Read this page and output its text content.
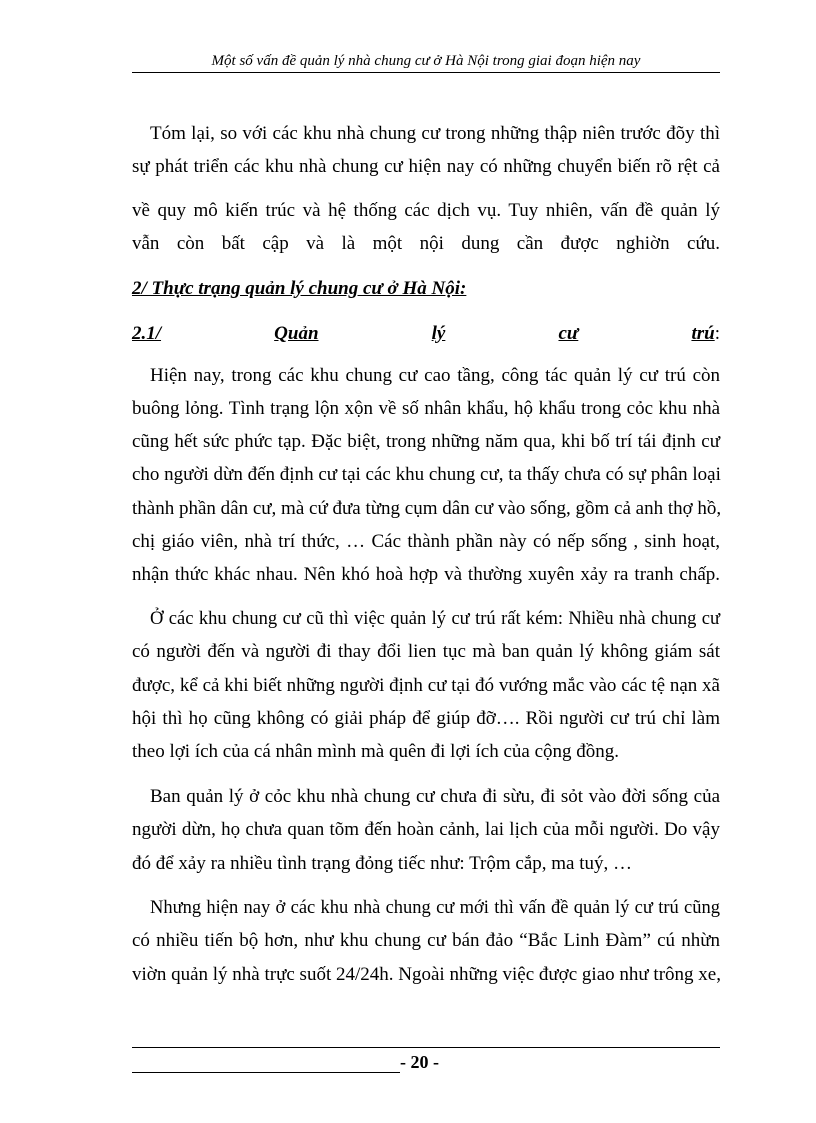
Một số vấn đề quản lý nhà chung cư ở Hà Nội trong giai đoạn hiện nay
Tóm lại, so với các khu nhà chung cư trong những thập niên trước đõy thì
sự phát triển các khu nhà chung cư hiện nay có những chuyển biến rõ rệt cả
về quy mô kiến trúc và hệ thống các dịch vụ. Tuy nhiên, vấn đề quản lý
vẫn còn bất cập và là một nội dung cần được nghiờn cứu.
2/ Thực trạng quản lý chung cư ở Hà Nội:
2.1/	Quản	lý	cư	trú:
Hiện nay, trong các khu chung cư cao tầng, công tác quản lý cư trú còn
buông lỏng. Tình trạng lộn xộn về số nhân khẩu, hộ khẩu trong cỏc khu nhà
cũng hết sức phức tạp. Đặc biệt, trong những năm qua, khi bố trí tái định cư
cho người dừn đến định cư tại các khu chung cư, ta thấy chưa có sự phân loại
thành phần dân cư, mà cứ đưa từng cụm dân cư vào sống, gồm cả anh thợ hồ,
chị giáo viên, nhà trí thức, … Các thành phần này có nếp sống , sinh hoạt,
nhận thức khác nhau. Nên khó hoà hợp và thường xuyên xảy ra tranh chấp.
Ở các khu chung cư cũ thì việc quản lý cư trú rất kém: Nhiều nhà chung cư
có người đến và người đi thay đổi lien tục mà ban quản lý không giám sát
được, kể cả khi biết những người định cư tại đó vướng mắc vào các tệ nạn xã
hội thì họ cũng không có giải pháp để giúp đỡ…. Rồi người cư trú chỉ làm
theo lợi ích của cá nhân mình mà quên đi lợi ích của cộng đồng.
Ban quản lý ở cỏc khu nhà chung cư chưa đi sừu, đi sỏt vào đời sống của
người dừn, họ chưa quan tõm đến hoàn cảnh, lai lịch của mỗi người. Do vậy
đó để xảy ra nhiều tình trạng đỏng tiếc như: Trộm cắp, ma tuý, …
Nhưng hiện nay ở các khu nhà chung cư mới thì vấn đề quản lý cư trú cũng
có nhiều tiến bộ hơn, như khu chung cư bán đảo “Bắc Linh Đàm” cú nhừn
viờn quản lý nhà trực suốt 24/24h. Ngoài những việc được giao như trông xe,
- 20 -
